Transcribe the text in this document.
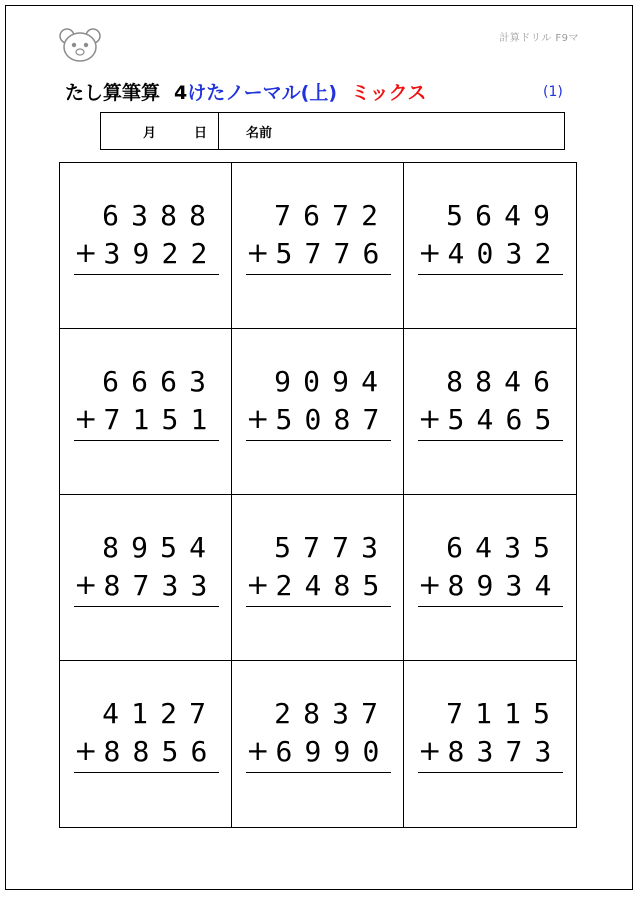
計算ドリル F9マ
たし算筆算 4けたノーマル(上) ミックス	(1)
月	日	名前
6 3 8 8
+ 3 9 2 2
7 6 7 2
+ 5 7 7 6
5 6 4 9
+ 4 0 3 2
6 6 6 3
+ 7 1 5 1
9 0 9 4
+ 5 0 8 7
8 8 4 6
+ 5 4 6 5
8 9 5 4
+ 8 7 3 3
5 7 7 3
+ 2 4 8 5
6 4 3 5
+ 8 9 3 4
4 1 2 7
+ 8 8 5 6
2 8 3 7
+ 6 9 9 0
7 1 1 5
+ 8 3 7 3
